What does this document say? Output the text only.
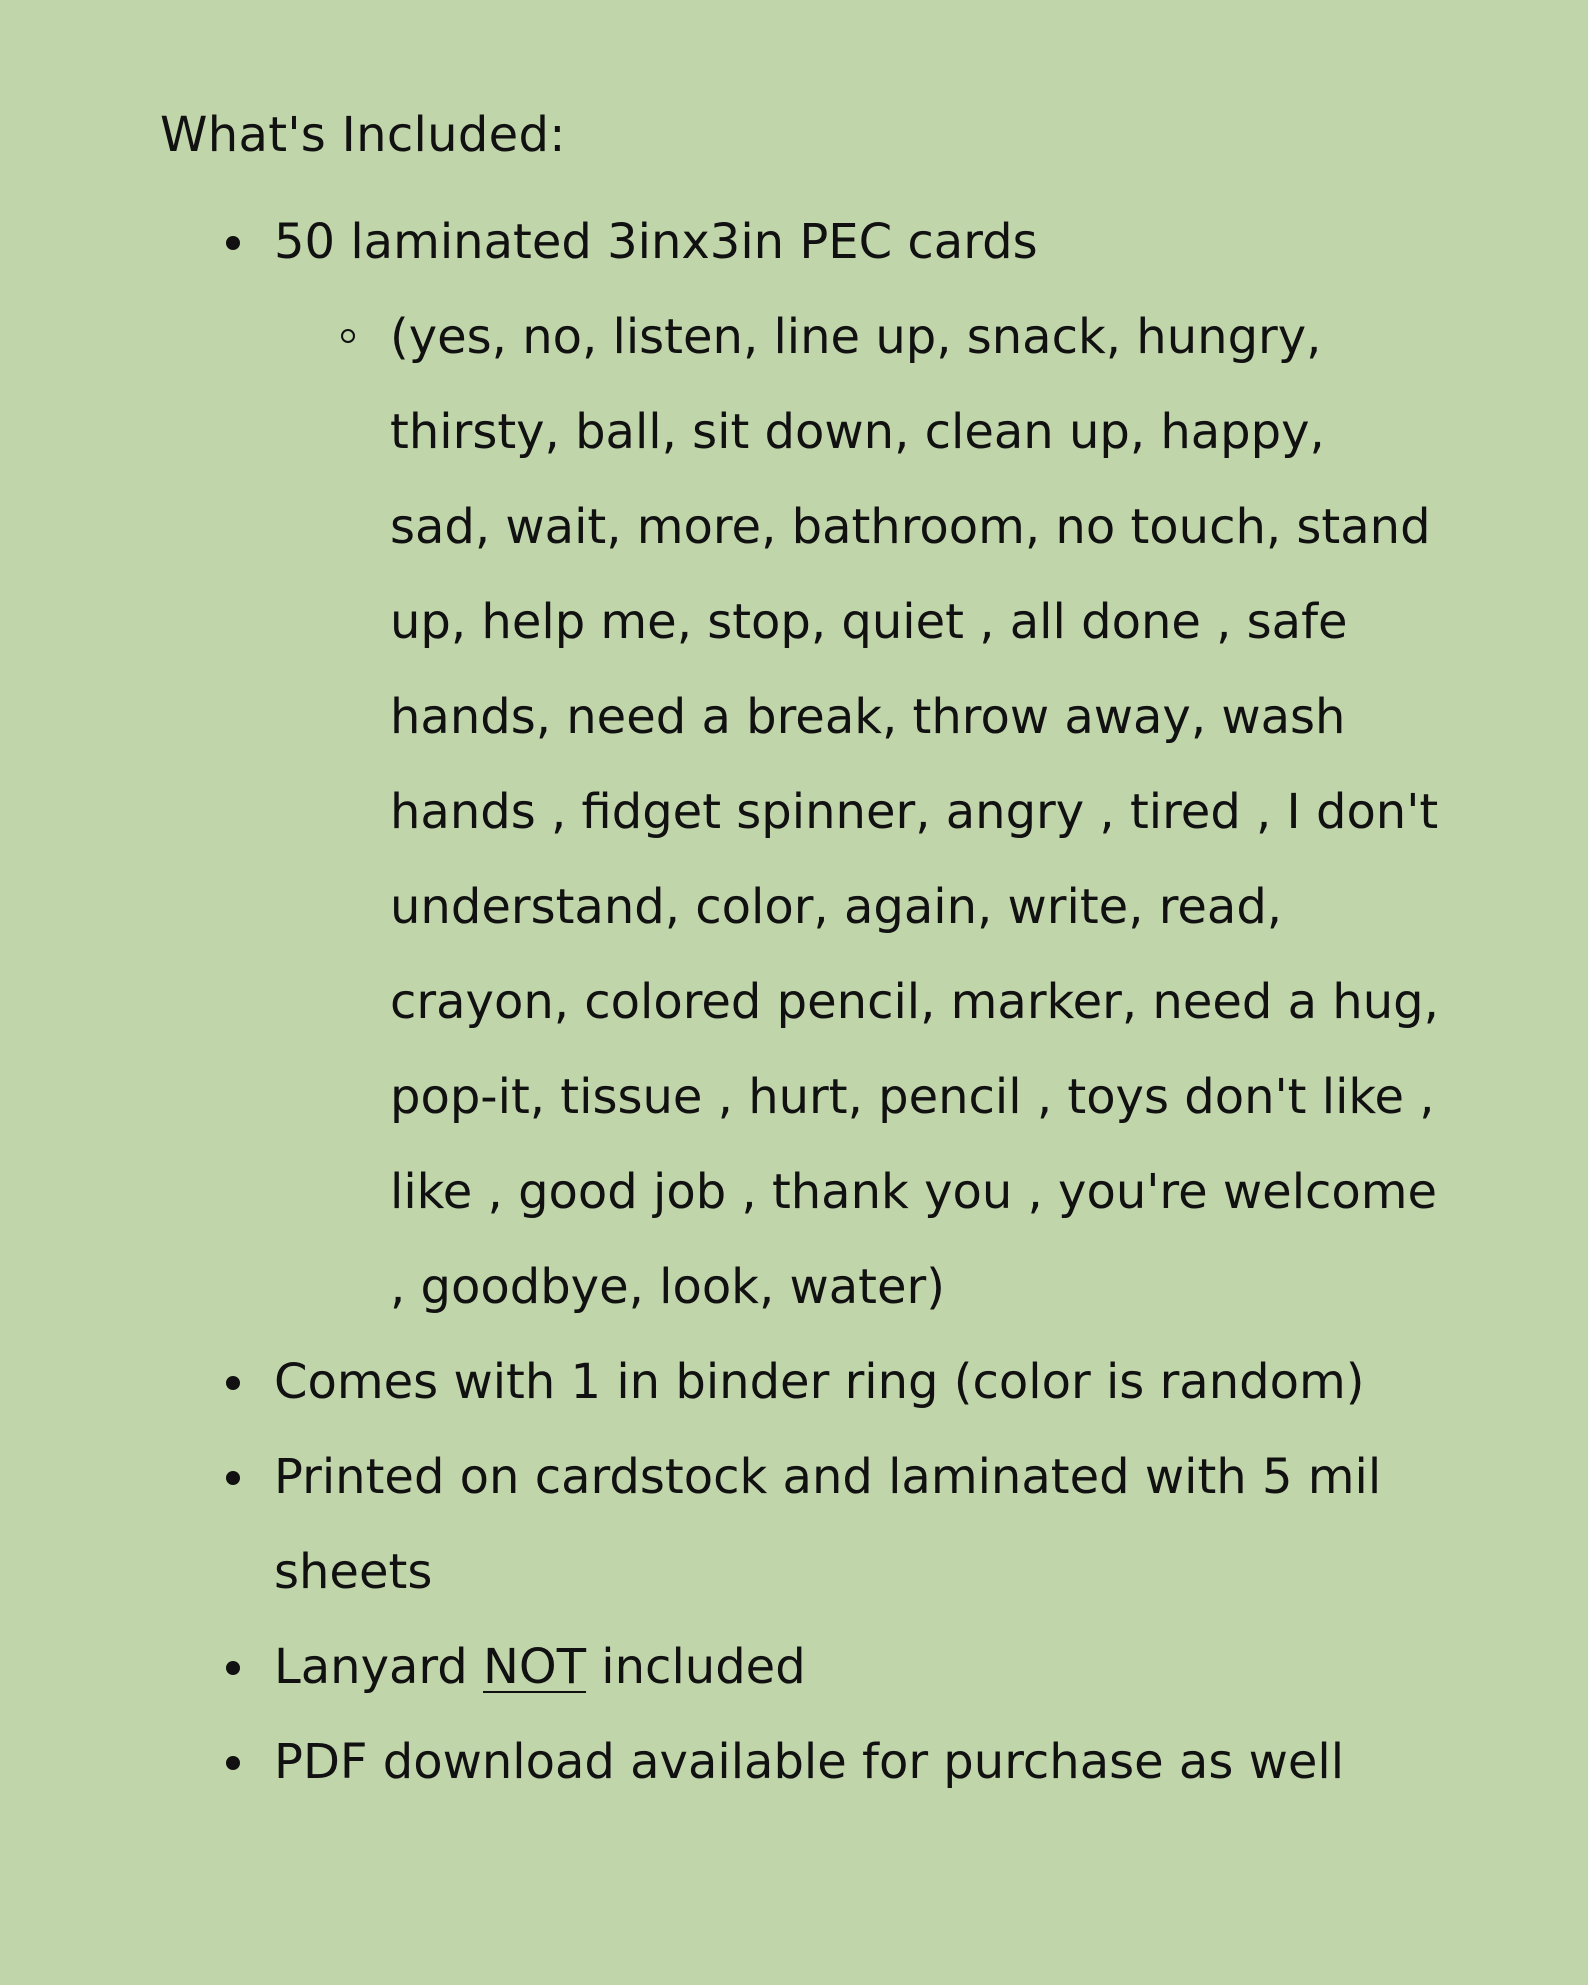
What's Included:
50 laminated 3inx3in PEC cards
(yes, no, listen, line up, snack, hungry, thirsty, ball, sit down, clean up, happy, sad, wait, more, bathroom, no touch, stand up, help me, stop, quiet , all done , safe hands, need a break, throw away, wash hands , fidget spinner, angry , tired , I don't understand, color, again, write, read, crayon, colored pencil, marker, need a hug, pop-it, tissue , hurt, pencil , toys don't like , like , good job , thank you , you're welcome , goodbye, look, water)
Comes with 1 in binder ring (color is random)
Printed on cardstock and laminated with 5 mil sheets
Lanyard NOT included
PDF download available for purchase as well
